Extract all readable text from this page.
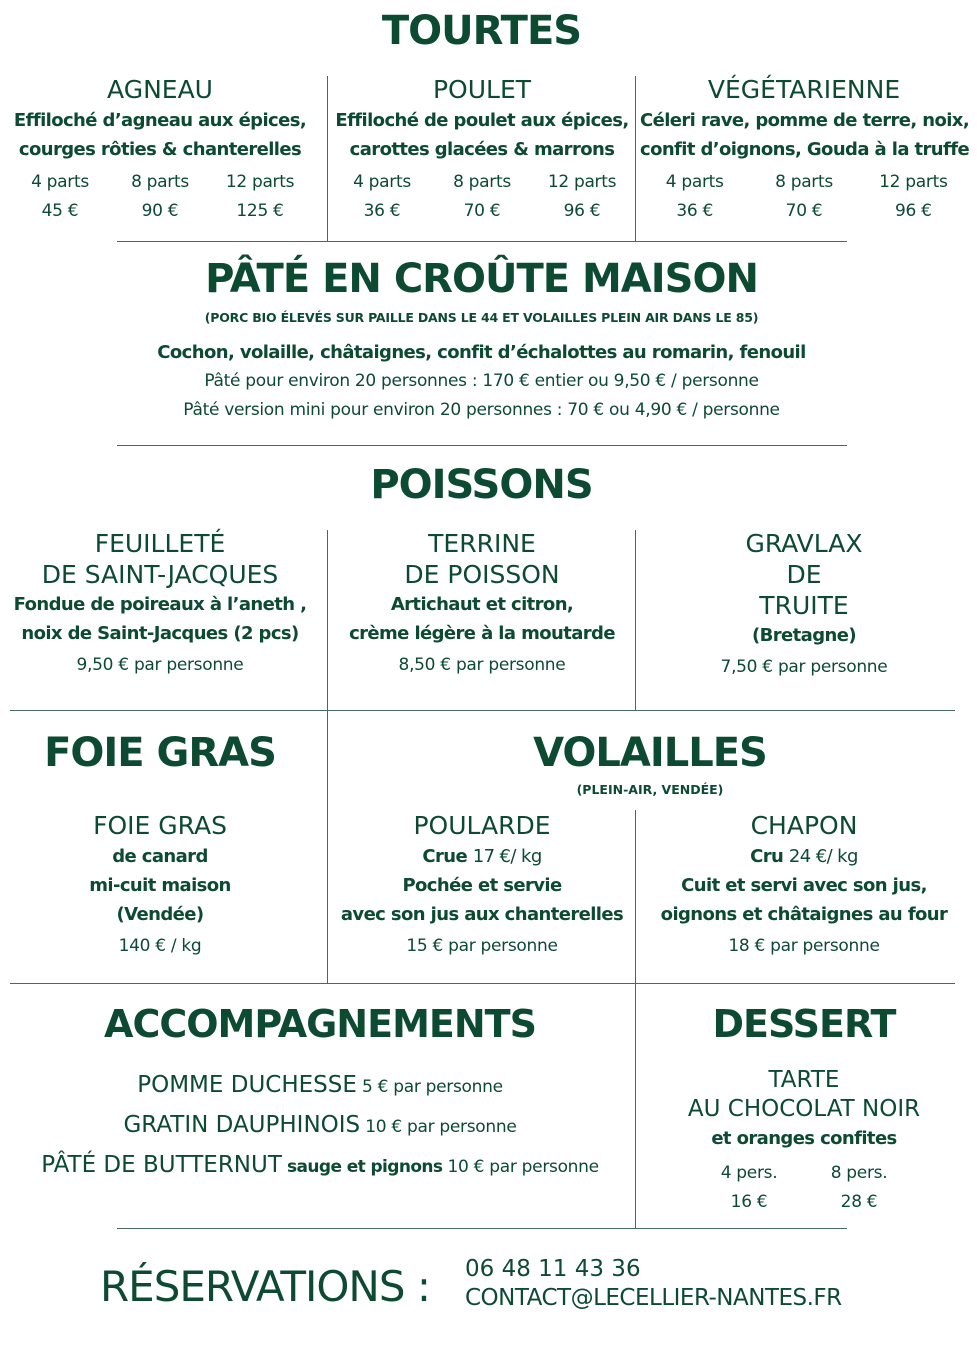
TOURTES
AGNEAU
Effiloché d’agneau aux épices,
courges rôties & chanterelles
4 parts	8 parts	12 parts
45 €	90 €	125 €
POULET
Effiloché de poulet aux épices,
carottes glacées & marrons
4 parts	8 parts	12 parts
36 €	70 €	96 €
VÉGÉTARIENNE
Céleri rave, pomme de terre, noix,
confit d’oignons, Gouda à la truffe
4 parts	8 parts	12 parts
36 €	70 €	96 €
PÂTÉ EN CROÛTE MAISON
(PORC BIO ÉLEVÉS SUR PAILLE DANS LE 44 ET VOLAILLES PLEIN AIR DANS LE 85)
Cochon, volaille, châtaignes, confit d’échalottes au romarin, fenouil
Pâté pour environ 20 personnes : 170 € entier ou 9,50 € / personne
Pâté version mini pour environ 20 personnes : 70 € ou 4,90 € / personne
POISSONS
FEUILLETÉ
DE SAINT-JACQUES
Fondue de poireaux à l’aneth ,
noix de Saint-Jacques (2 pcs)
9,50 € par personne
TERRINE
DE POISSON
Artichaut et citron,
crème légère à la moutarde
8,50 € par personne
GRAVLAX
DE
TRUITE
(Bretagne)
7,50 € par personne
FOIE GRAS
FOIE GRAS
de canard
mi-cuit maison
(Vendée)
140 € / kg
VOLAILLES
(PLEIN-AIR, VENDÉE)
POULARDE
Crue 17 €/ kg
Pochée et servie
avec son jus aux chanterelles
15 € par personne
CHAPON
Cru 24 €/ kg
Cuit et servi avec son jus,
oignons et châtaignes au four
18 € par personne
ACCOMPAGNEMENTS
POMME DUCHESSE 5 € par personne
GRATIN DAUPHINOIS 10 € par personne
PÂTÉ DE BUTTERNUT sauge et pignons 10 € par personne
DESSERT
TARTE
AU CHOCOLAT NOIR
et oranges confites
4 pers.	8 pers.
16 €	28 €
RÉSERVATIONS : 06 48 11 43 36
CONTACT@LECELLIER-NANTES.FR
